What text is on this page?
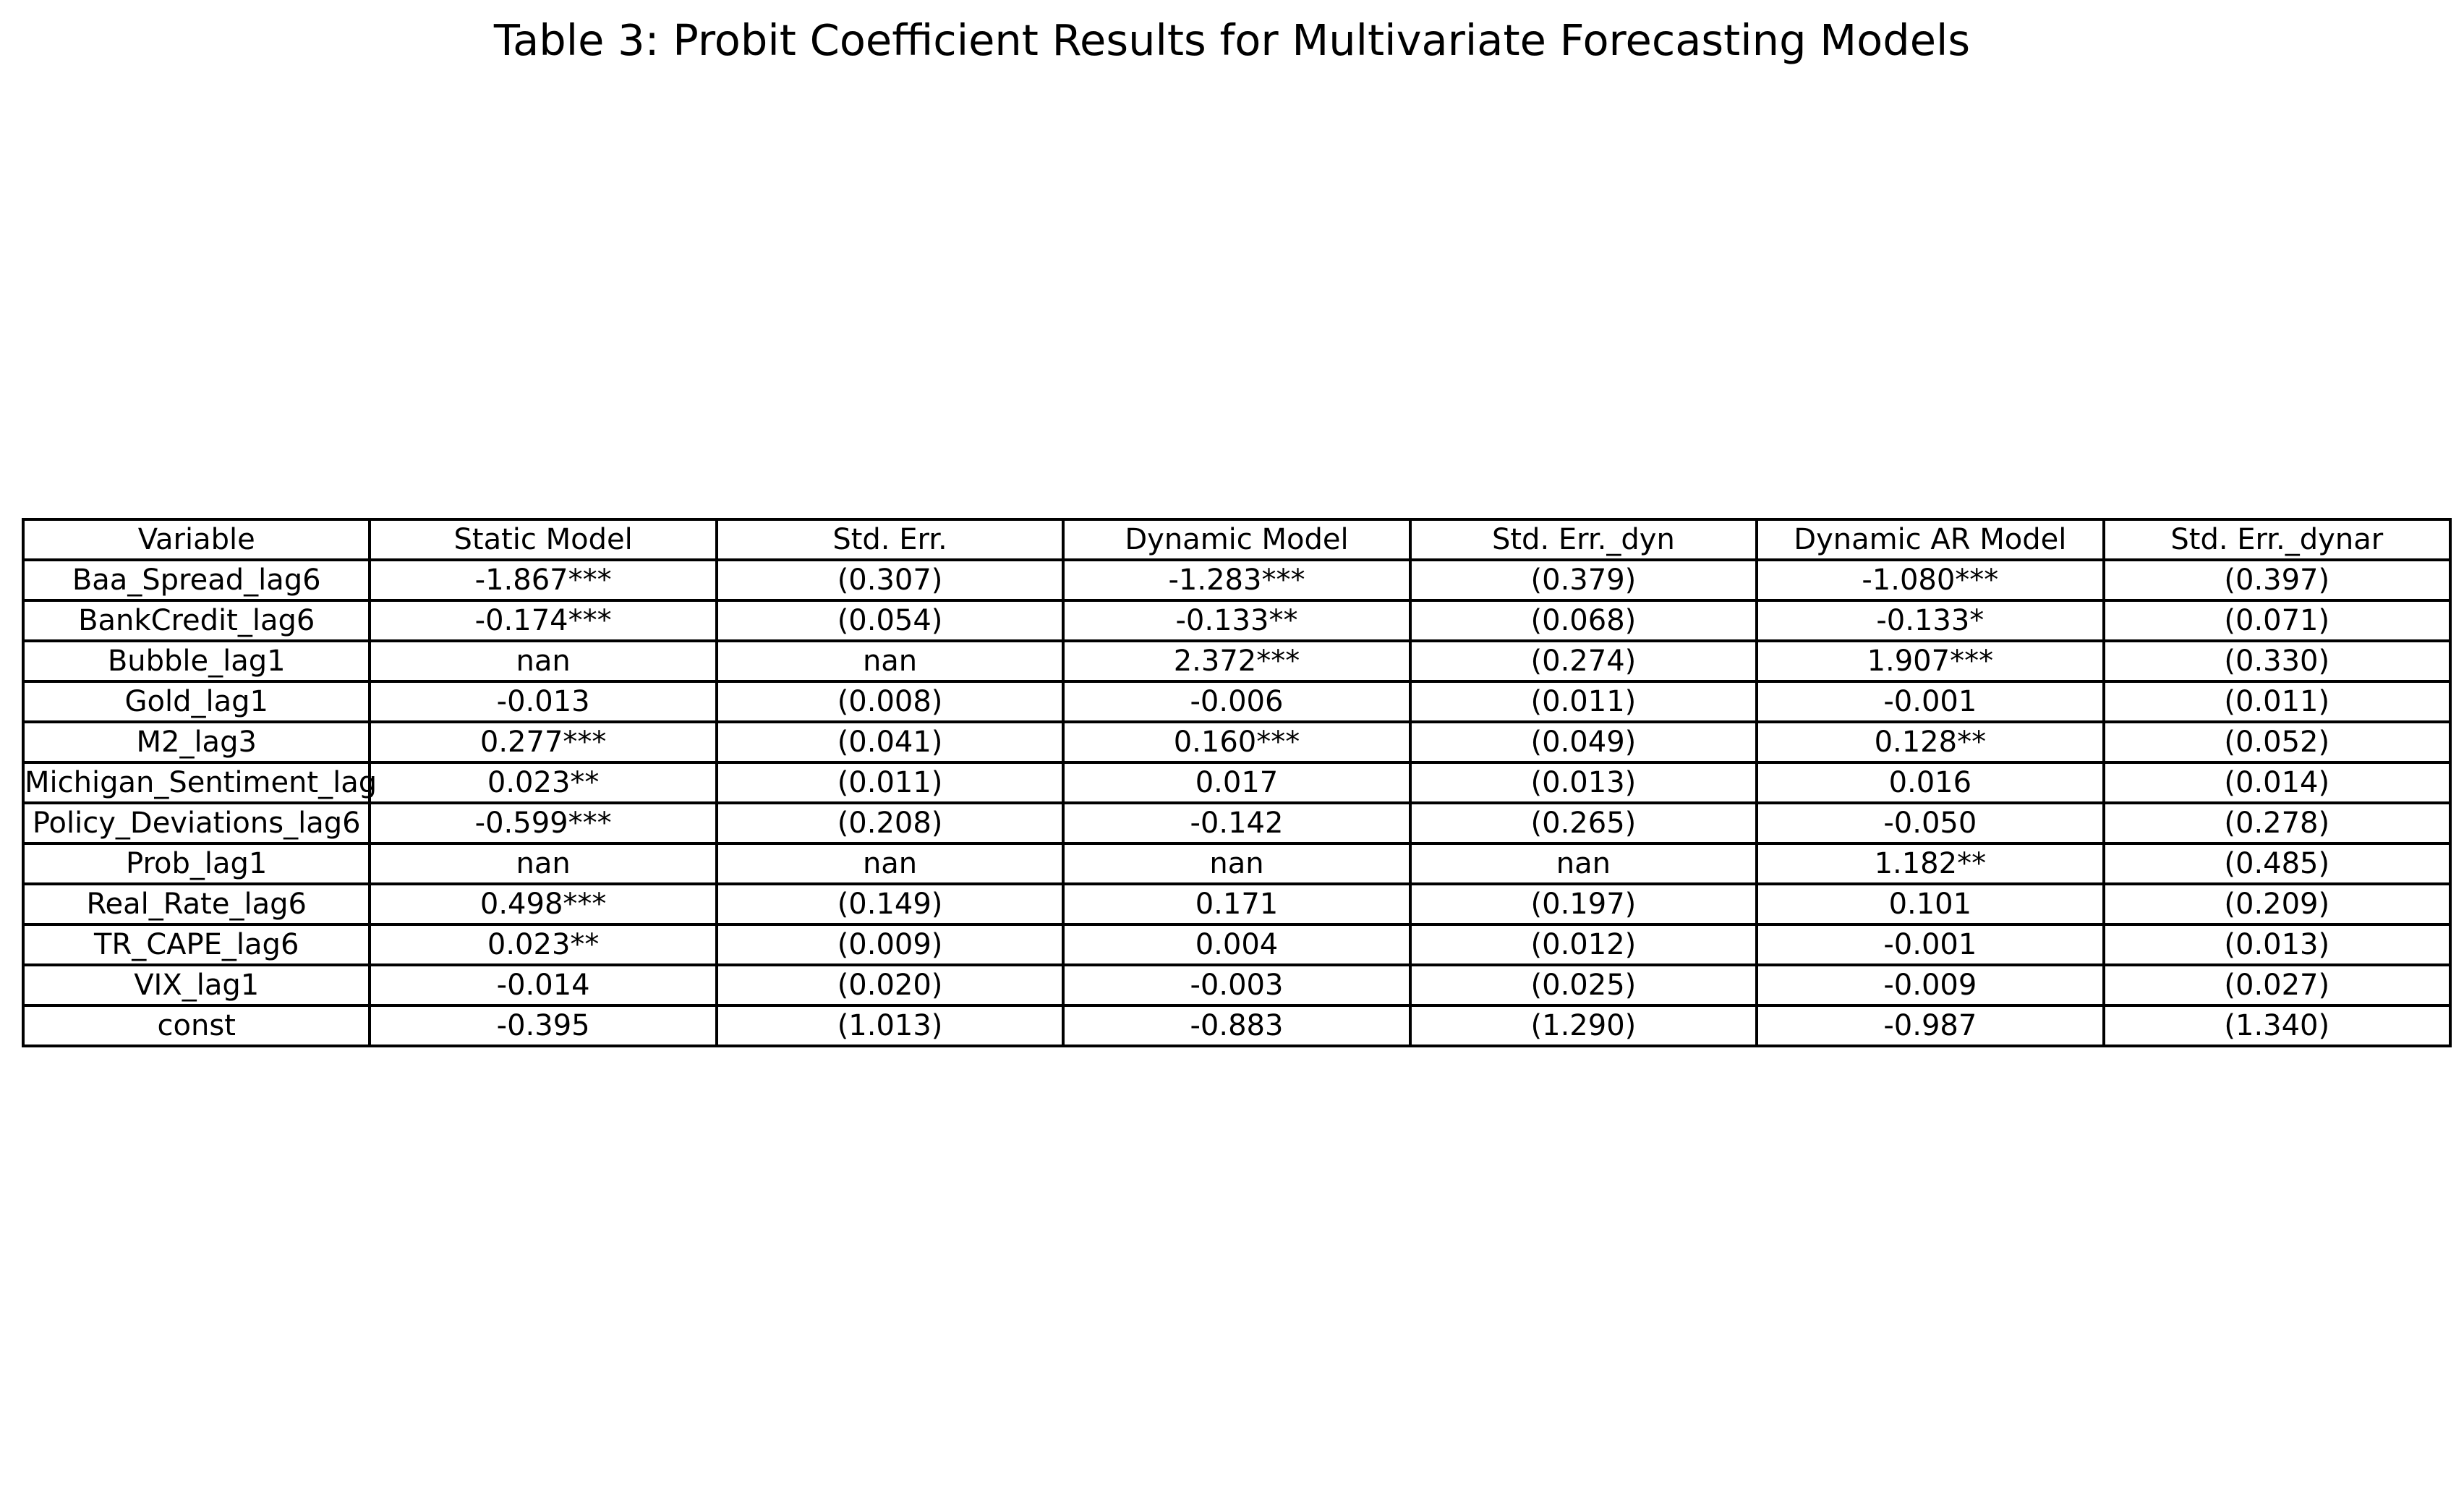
Table 3: Probit Coefficient Results for Multivariate Forecasting Models
Variable	Static Model	Std. Err.	Dynamic Model	Std. Err._dyn	Dynamic AR Model	Std. Err._dynar
Baa_Spread_lag6	-1.867***	(0.307)	-1.283***	(0.379)	-1.080***	(0.397)
BankCredit_lag6	-0.174***	(0.054)	-0.133**	(0.068)	-0.133*	(0.071)
Bubble_lag1	nan	nan	2.372***	(0.274)	1.907***	(0.330)
Gold_lag1	-0.013	(0.008)	-0.006	(0.011)	-0.001	(0.011)
M2_lag3	0.277***	(0.041)	0.160***	(0.049)	0.128**	(0.052)
Michigan_Sentiment_lag	0.023**	(0.011)	0.017	(0.013)	0.016	(0.014)
Policy_Deviations_lag6	-0.599***	(0.208)	-0.142	(0.265)	-0.050	(0.278)
Prob_lag1	nan	nan	nan	nan	1.182**	(0.485)
Real_Rate_lag6	0.498***	(0.149)	0.171	(0.197)	0.101	(0.209)
TR_CAPE_lag6	0.023**	(0.009)	0.004	(0.012)	-0.001	(0.013)
VIX_lag1	-0.014	(0.020)	-0.003	(0.025)	-0.009	(0.027)
const	-0.395	(1.013)	-0.883	(1.290)	-0.987	(1.340)
